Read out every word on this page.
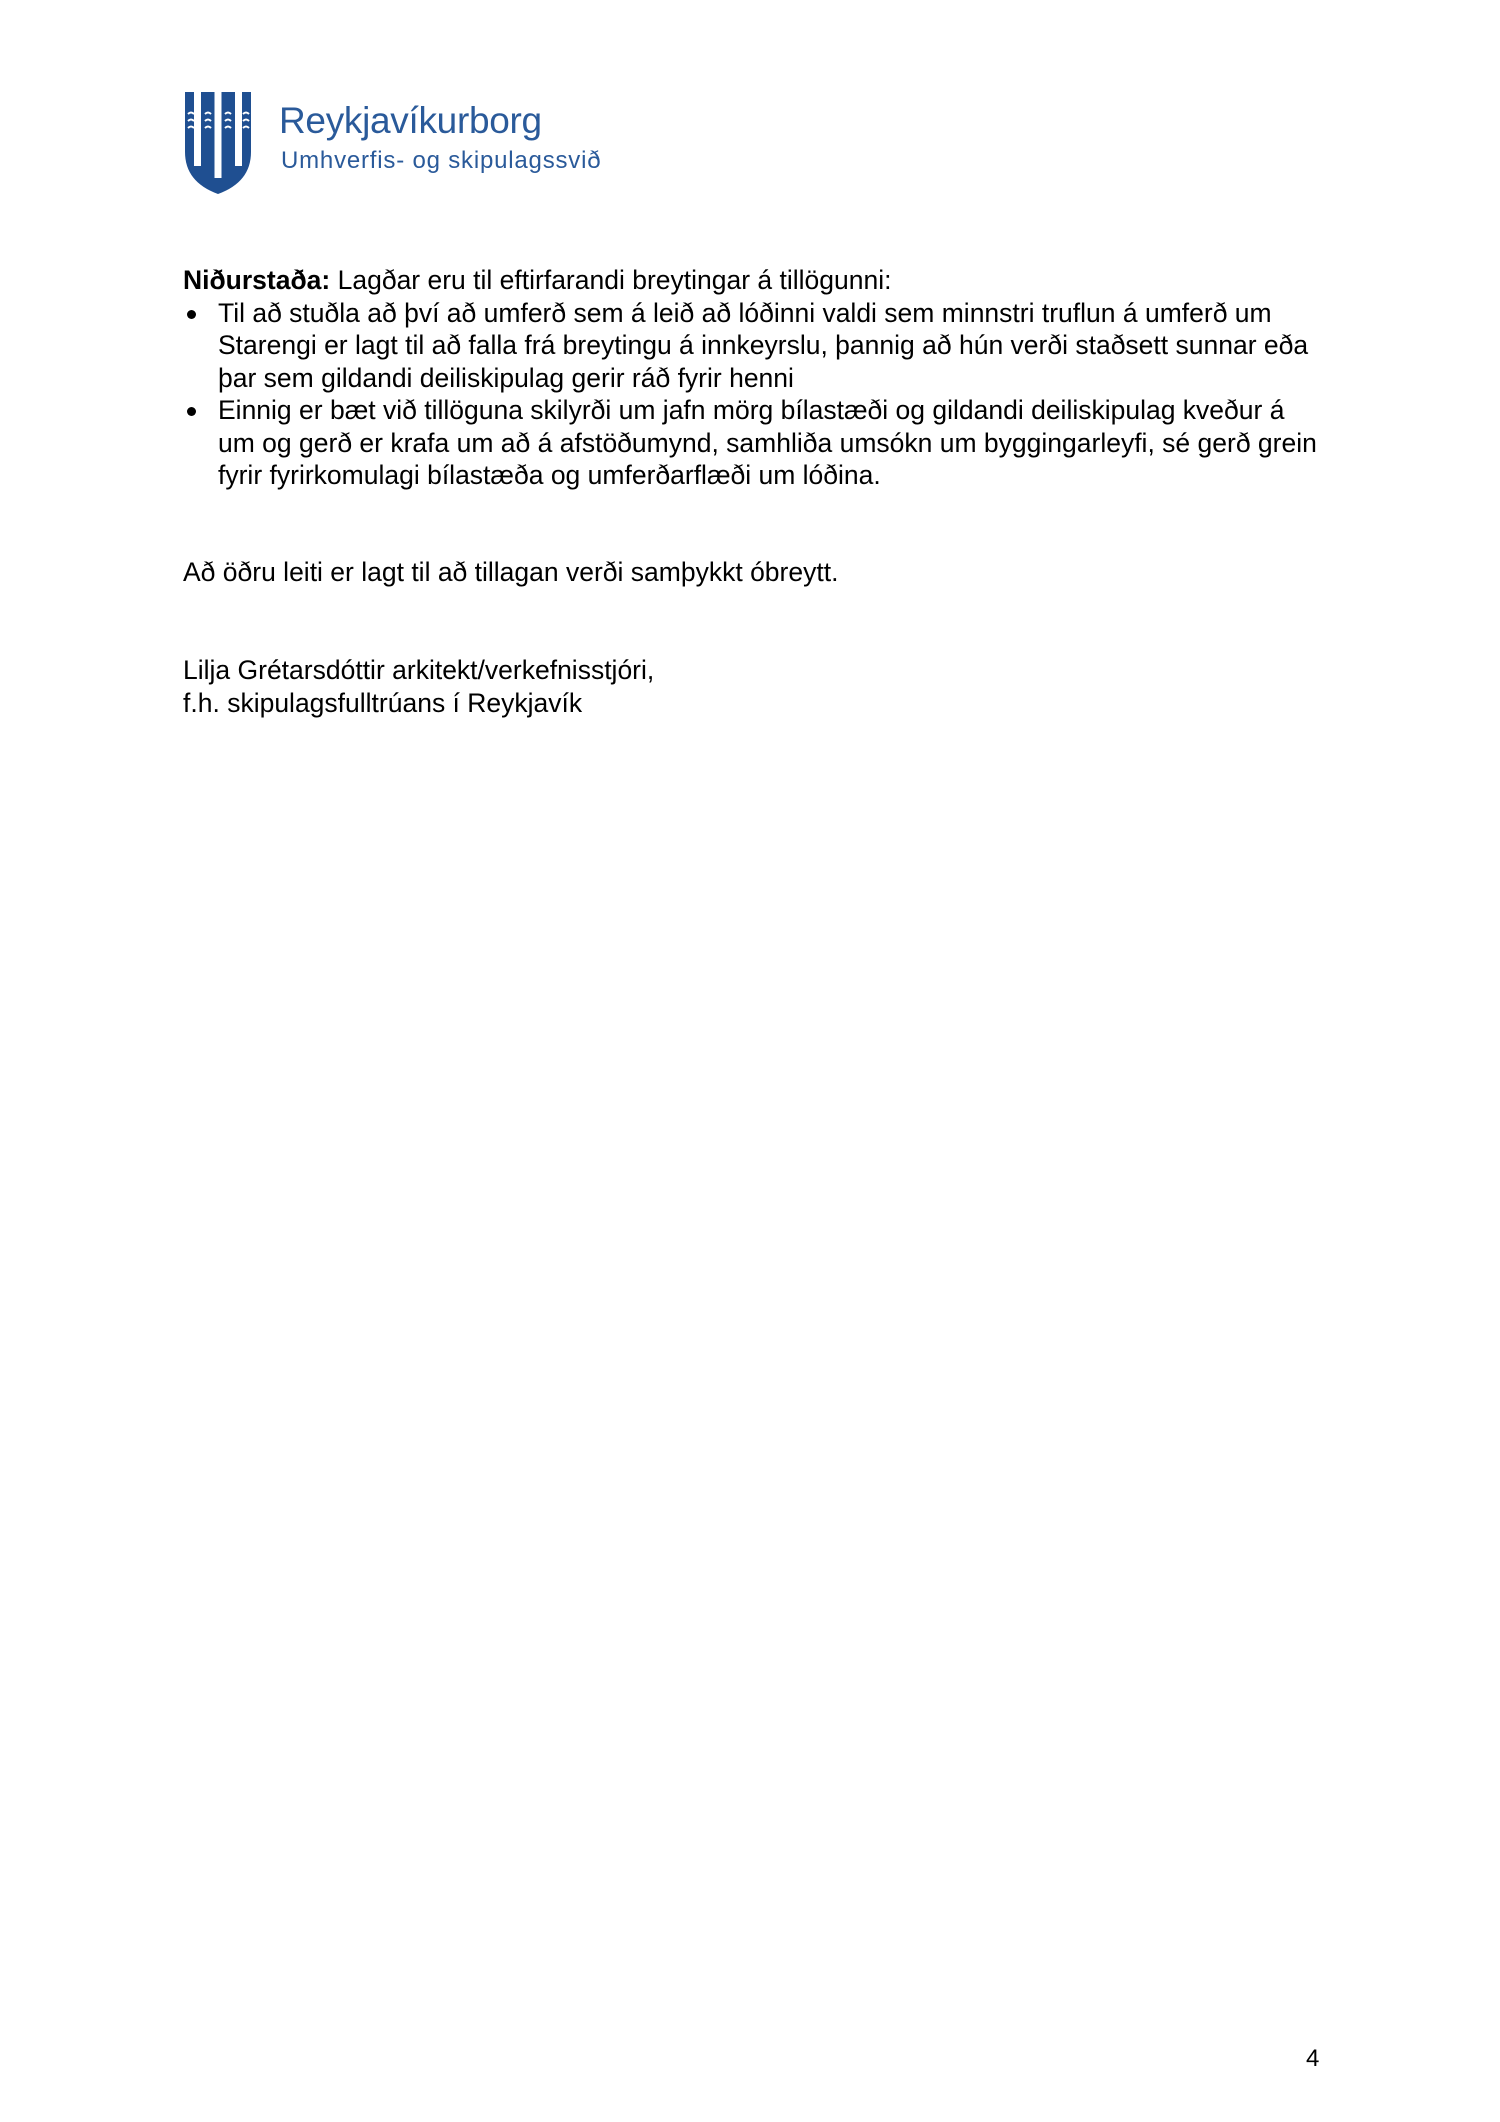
Reykjavíkurborg
Umhverfis- og skipulagssvið

Niðurstaða: Lagðar eru til eftirfarandi breytingar á tillögunni:

Til að stuðla að því að umferð sem á leið að lóðinni valdi sem minnstri truflun á umferð um Starengi er lagt til að falla frá breytingu á innkeyrslu, þannig að hún verði staðsett sunnar eða þar sem gildandi deiliskipulag gerir ráð fyrir henni
Einnig er bæt við tillöguna skilyrði um jafn mörg bílastæði og gildandi deiliskipulag kveður á um og gerð er krafa um að á afstöðumynd, samhliða umsókn um byggingarleyfi, sé gerð grein fyrir fyrirkomulagi bílastæða og umferðarflæði um lóðina.

Að öðru leiti er lagt til að tillagan verði samþykkt óbreytt.

Lilja Grétarsdóttir arkitekt/verkefnisstjóri,
f.h. skipulagsfulltrúans í Reykjavík
4
